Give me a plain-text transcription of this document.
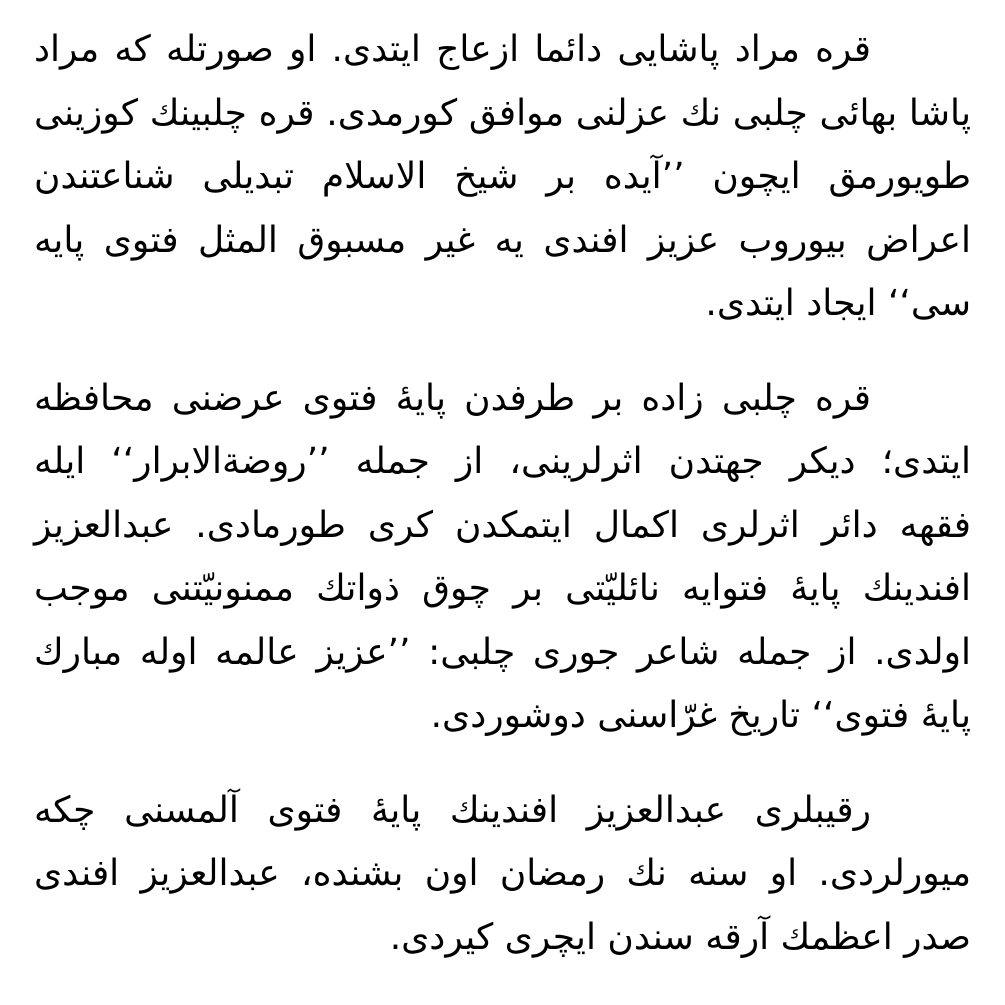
قره مراد پاشایی دائما ازعاج ایتدی. او صورتله که مراد
پاشا بهائی چلبی نك عزلنی موافق كورمدی. قره چلبینك كوزینی
طویورمق ایچون ’’آیده بر شیخ الاسلام تبدیلی شناعتندن
اعراض بیوروب عزیز افندی یه غیر مسبوق المثل فتوی پایه
سی‘‘ ایجاد ایتدی.

قره چلبی زاده بر طرفدن پایهٔ فتوی عرضنی محافظه
ایتدی؛ دیكر جهتدن اثرلرینی، از جمله ’’روضةالابرار‘‘ ایله
فقهه دائر اثرلری اكمال ایتمكدن كری طورمادی. عبدالعزیز
افندینك پایهٔ فتوایه نائلیّتی بر چوق ذواتك ممنونیّتنی موجب
اولدی. از جمله شاعر جوری چلبی: ’’عزیز عالمه اوله مبارك
پایهٔ فتوی‘‘ تاریخ غرّاسنی دوشوردی.

رقیبلری عبدالعزیز افندینك پایهٔ فتوی آلمسنی چكه
میورلردی. او سنه نك رمضان اون بشنده، عبدالعزیز افندی
صدر اعظمك آرقه سندن ایچری كیردی.
